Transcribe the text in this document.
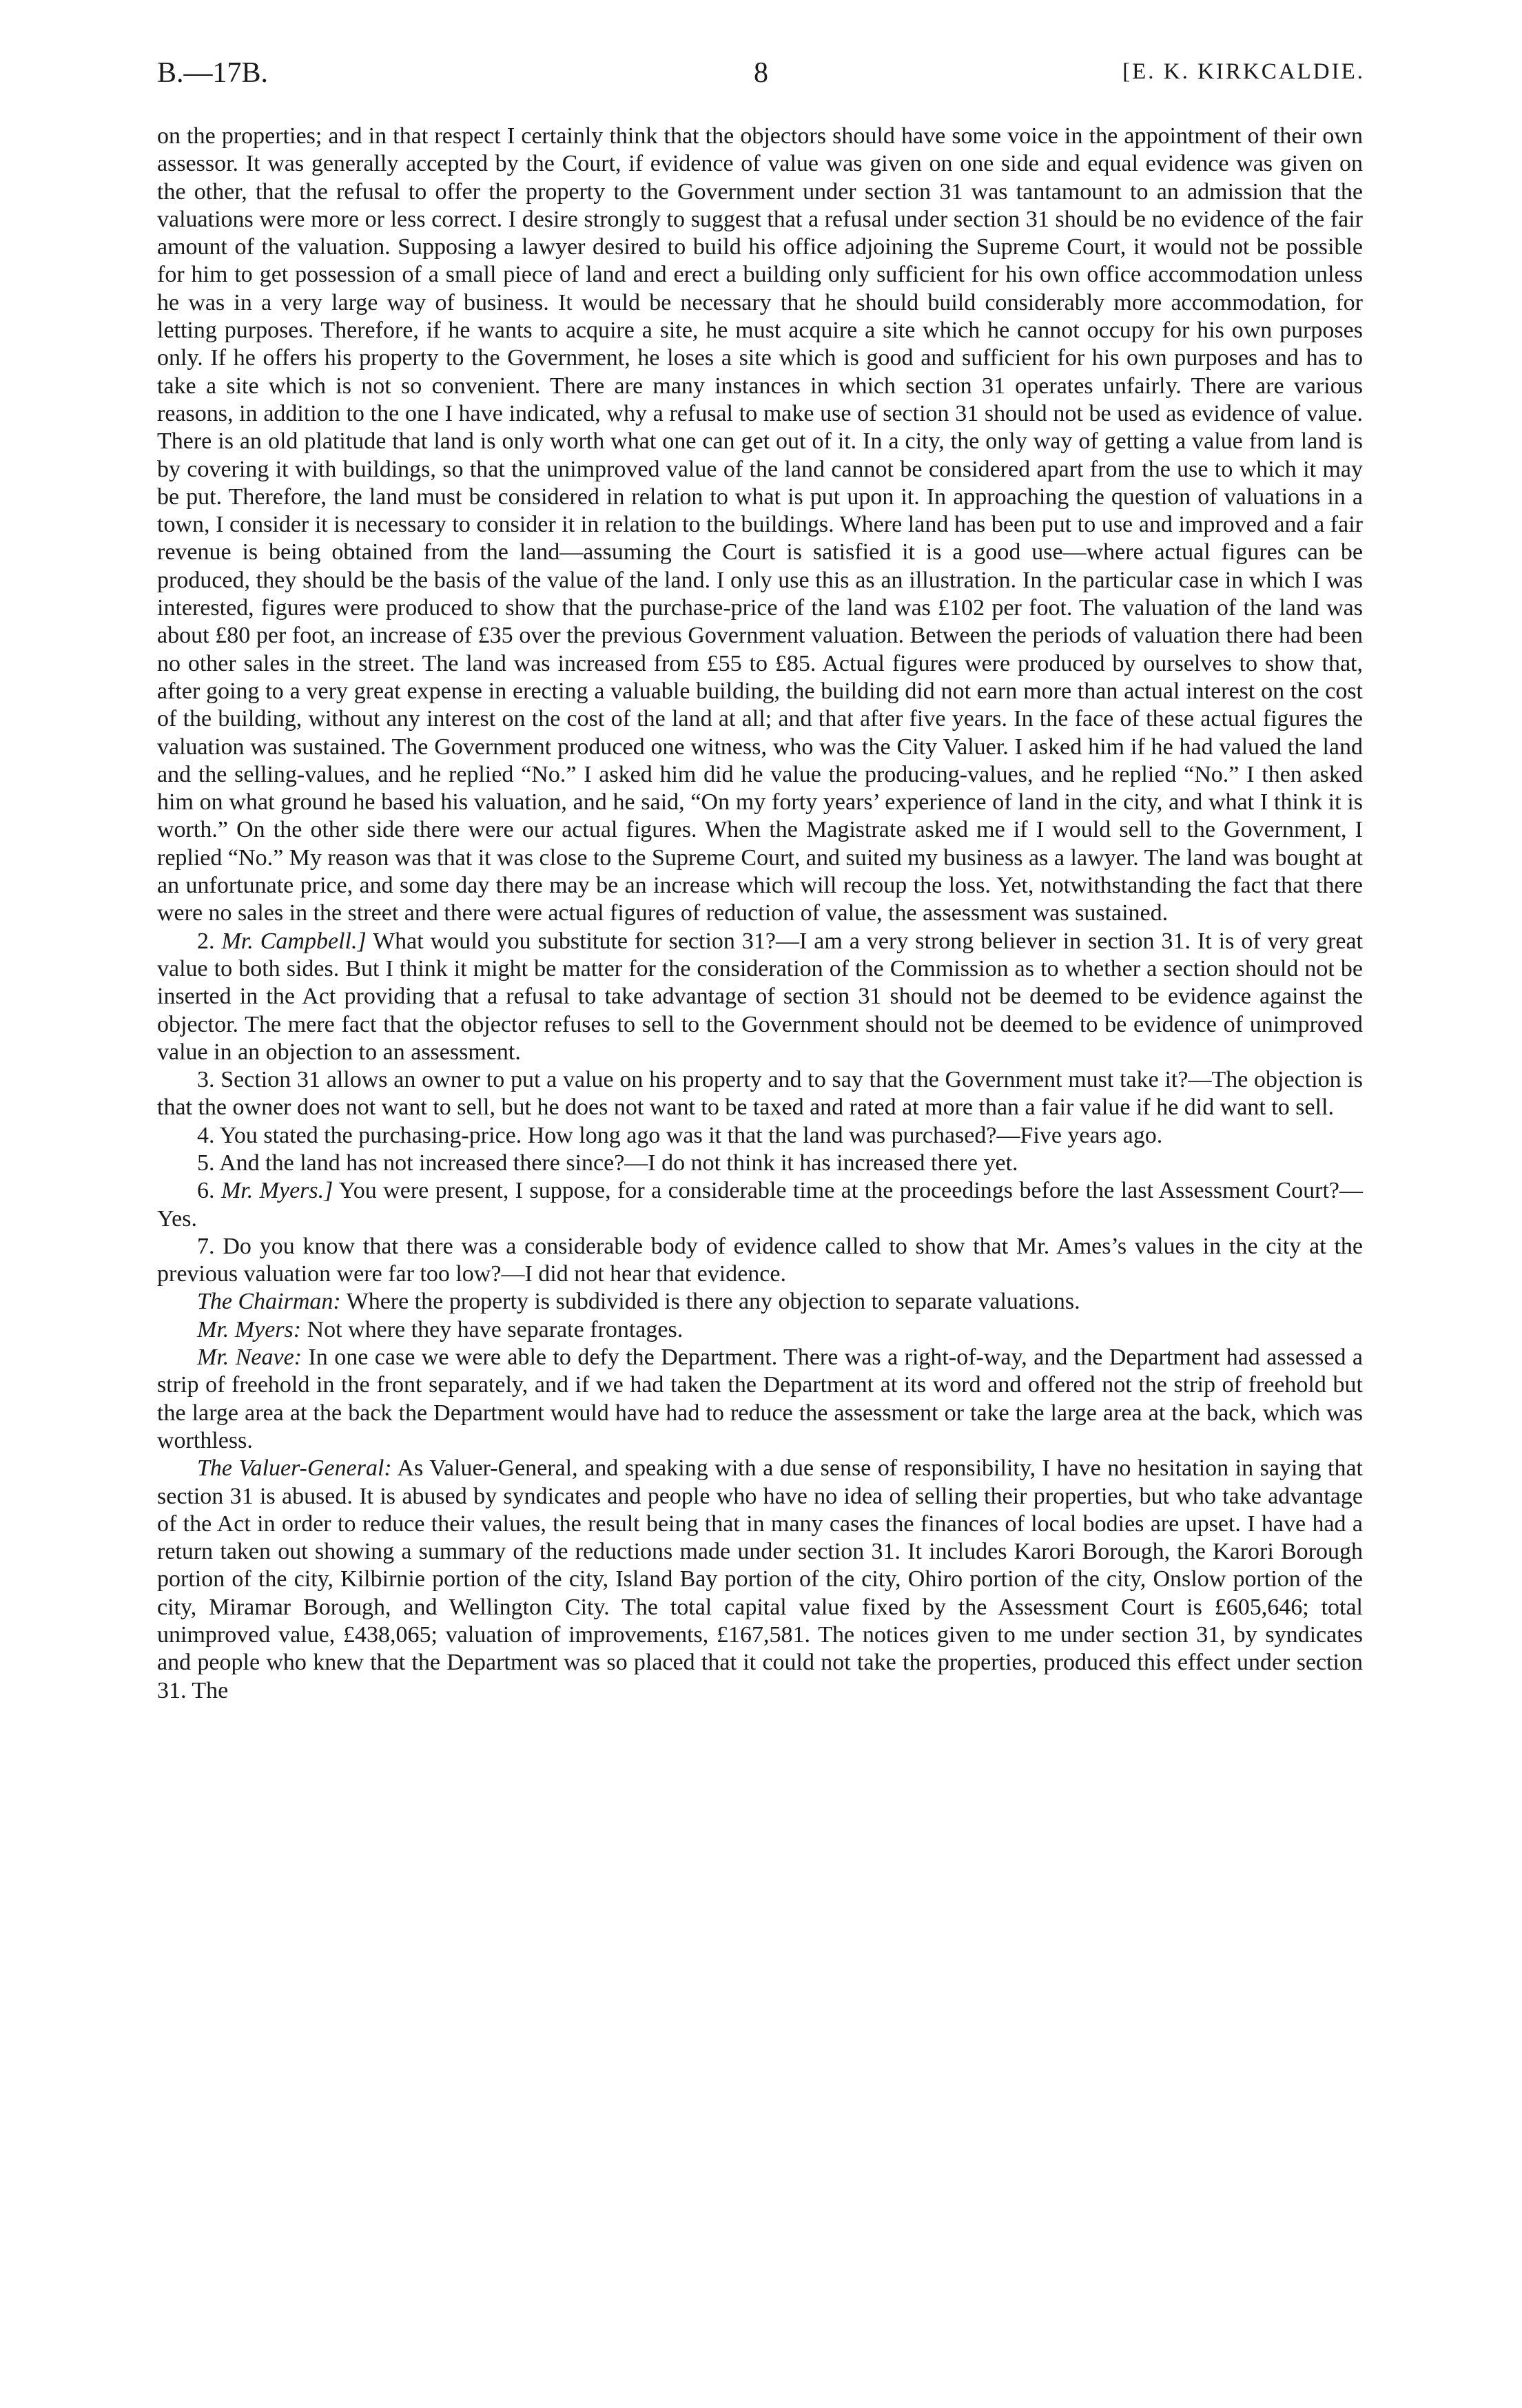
B.—17B.	8	[E. K. KIRKCALDIE.

on the properties; and in that respect I certainly think that the objectors should have some voice in the appointment of their own assessor. It was generally accepted by the Court, if evidence of value was given on one side and equal evidence was given on the other, that the refusal to offer the property to the Government under section 31 was tantamount to an admission that the valuations were more or less correct. I desire strongly to suggest that a refusal under section 31 should be no evidence of the fair amount of the valuation. Supposing a lawyer desired to build his office adjoining the Supreme Court, it would not be possible for him to get possession of a small piece of land and erect a building only sufficient for his own office accommodation unless he was in a very large way of business. It would be necessary that he should build considerably more accommodation, for letting purposes. Therefore, if he wants to acquire a site, he must acquire a site which he cannot occupy for his own purposes only. If he offers his property to the Government, he loses a site which is good and sufficient for his own purposes and has to take a site which is not so convenient. There are many instances in which section 31 operates unfairly. There are various reasons, in addition to the one I have indicated, why a refusal to make use of section 31 should not be used as evidence of value. There is an old platitude that land is only worth what one can get out of it. In a city, the only way of getting a value from land is by covering it with buildings, so that the unimproved value of the land cannot be considered apart from the use to which it may be put. Therefore, the land must be considered in relation to what is put upon it. In approaching the question of valuations in a town, I consider it is necessary to consider it in relation to the buildings. Where land has been put to use and improved and a fair revenue is being obtained from the land—assuming the Court is satisfied it is a good use—where actual figures can be produced, they should be the basis of the value of the land. I only use this as an illustration. In the particular case in which I was interested, figures were produced to show that the purchase-price of the land was £102 per foot. The valuation of the land was about £80 per foot, an increase of £35 over the previous Government valuation. Between the periods of valuation there had been no other sales in the street. The land was increased from £55 to £85. Actual figures were produced by ourselves to show that, after going to a very great expense in erecting a valuable building, the building did not earn more than actual interest on the cost of the building, without any interest on the cost of the land at all; and that after five years. In the face of these actual figures the valuation was sustained. The Government produced one witness, who was the City Valuer. I asked him if he had valued the land and the selling-values, and he replied “No.” I asked him did he value the producing-values, and he replied “No.” I then asked him on what ground he based his valuation, and he said, “On my forty years’ experience of land in the city, and what I think it is worth.” On the other side there were our actual figures. When the Magistrate asked me if I would sell to the Government, I replied “No.” My reason was that it was close to the Supreme Court, and suited my business as a lawyer. The land was bought at an unfortunate price, and some day there may be an increase which will recoup the loss. Yet, notwithstanding the fact that there were no sales in the street and there were actual figures of reduction of value, the assessment was sustained.

2. Mr. Campbell.] What would you substitute for section 31?—I am a very strong believer in section 31. It is of very great value to both sides. But I think it might be matter for the consideration of the Commission as to whether a section should not be inserted in the Act providing that a refusal to take advantage of section 31 should not be deemed to be evidence against the objector. The mere fact that the objector refuses to sell to the Government should not be deemed to be evidence of unimproved value in an objection to an assessment.

3. Section 31 allows an owner to put a value on his property and to say that the Government must take it?—The objection is that the owner does not want to sell, but he does not want to be taxed and rated at more than a fair value if he did want to sell.

4. You stated the purchasing-price. How long ago was it that the land was purchased?—Five years ago.

5. And the land has not increased there since?—I do not think it has increased there yet.

6. Mr. Myers.] You were present, I suppose, for a considerable time at the proceedings before the last Assessment Court?—Yes.

7. Do you know that there was a considerable body of evidence called to show that Mr. Ames’s values in the city at the previous valuation were far too low?—I did not hear that evidence.

The Chairman: Where the property is subdivided is there any objection to separate valuations.

Mr. Myers: Not where they have separate frontages.

Mr. Neave: In one case we were able to defy the Department. There was a right-of-way, and the Department had assessed a strip of freehold in the front separately, and if we had taken the Department at its word and offered not the strip of freehold but the large area at the back the Department would have had to reduce the assessment or take the large area at the back, which was worthless.

The Valuer-General: As Valuer-General, and speaking with a due sense of responsibility, I have no hesitation in saying that section 31 is abused. It is abused by syndicates and people who have no idea of selling their properties, but who take advantage of the Act in order to reduce their values, the result being that in many cases the finances of local bodies are upset. I have had a return taken out showing a summary of the reductions made under section 31. It includes Karori Borough, the Karori Borough portion of the city, Kilbirnie portion of the city, Island Bay portion of the city, Ohiro portion of the city, Onslow portion of the city, Miramar Borough, and Wellington City. The total capital value fixed by the Assessment Court is £605,646; total unimproved value, £438,065; valuation of improvements, £167,581. The notices given to me under section 31, by syndicates and people who knew that the Department was so placed that it could not take the properties, produced this effect under section 31. The
